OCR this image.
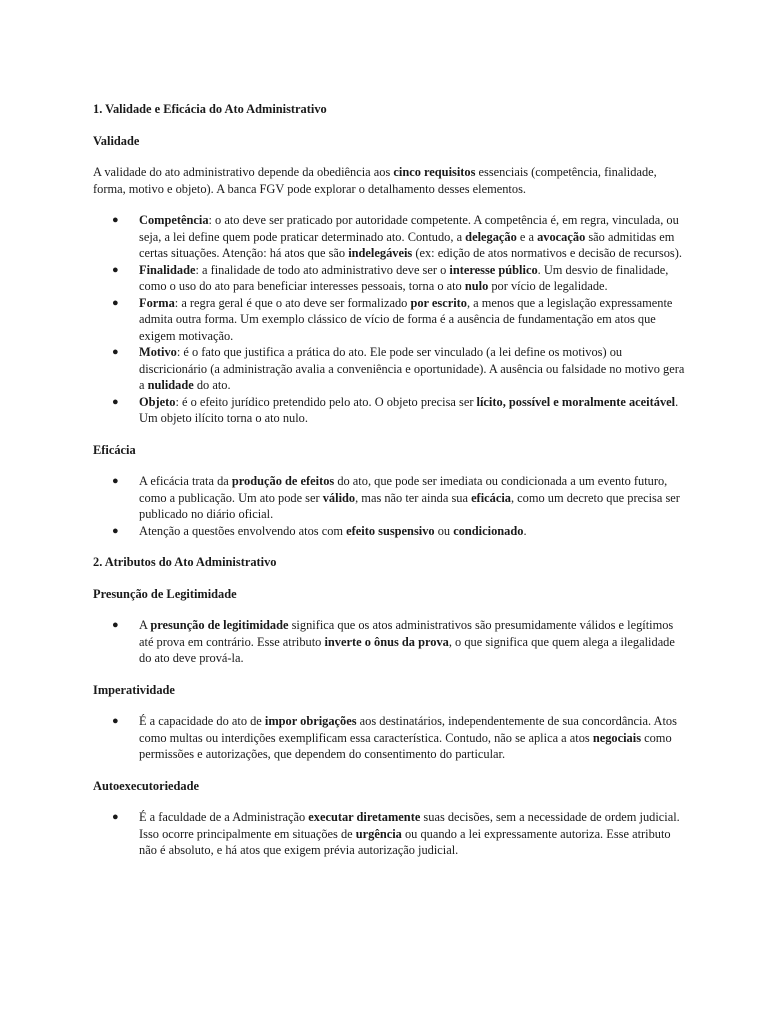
1. Validade e Eficácia do Ato Administrativo
Validade

A validade do ato administrativo depende da obediência aos cinco requisitos essenciais (competência, finalidade, forma, motivo e objeto). A banca FGV pode explorar o detalhamento desses elementos.

● Competência: o ato deve ser praticado por autoridade competente. A competência é, em regra, vinculada, ou seja, a lei define quem pode praticar determinado ato. Contudo, a delegação e a avocação são admitidas em certas situações. Atenção: há atos que são indelegáveis (ex: edição de atos normativos e decisão de recursos).
● Finalidade: a finalidade de todo ato administrativo deve ser o interesse público. Um desvio de finalidade, como o uso do ato para beneficiar interesses pessoais, torna o ato nulo por vício de legalidade.
● Forma: a regra geral é que o ato deve ser formalizado por escrito, a menos que a legislação expressamente admita outra forma. Um exemplo clássico de vício de forma é a ausência de fundamentação em atos que exigem motivação.
● Motivo: é o fato que justifica a prática do ato. Ele pode ser vinculado (a lei define os motivos) ou discricionário (a administração avalia a conveniência e oportunidade). A ausência ou falsidade no motivo gera a nulidade do ato.
● Objeto: é o efeito jurídico pretendido pelo ato. O objeto precisa ser lícito, possível e moralmente aceitável. Um objeto ilícito torna o ato nulo.
Eficácia
● A eficácia trata da produção de efeitos do ato, que pode ser imediata ou condicionada a um evento futuro, como a publicação. Um ato pode ser válido, mas não ter ainda sua eficácia, como um decreto que precisa ser publicado no diário oficial.
● Atenção a questões envolvendo atos com efeito suspensivo ou condicionado.
2. Atributos do Ato Administrativo
Presunção de Legitimidade
● A presunção de legitimidade significa que os atos administrativos são presumidamente válidos e legítimos até prova em contrário. Esse atributo inverte o ônus da prova, o que significa que quem alega a ilegalidade do ato deve prová-la.
Imperatividade
● É a capacidade do ato de impor obrigações aos destinatários, independentemente de sua concordância. Atos como multas ou interdições exemplificam essa característica. Contudo, não se aplica a atos negociais como permissões e autorizações, que dependem do consentimento do particular.
Autoexecutoriedade
● É a faculdade de a Administração executar diretamente suas decisões, sem a necessidade de ordem judicial. Isso ocorre principalmente em situações de urgência ou quando a lei expressamente autoriza. Esse atributo não é absoluto, e há atos que exigem prévia autorização judicial.
